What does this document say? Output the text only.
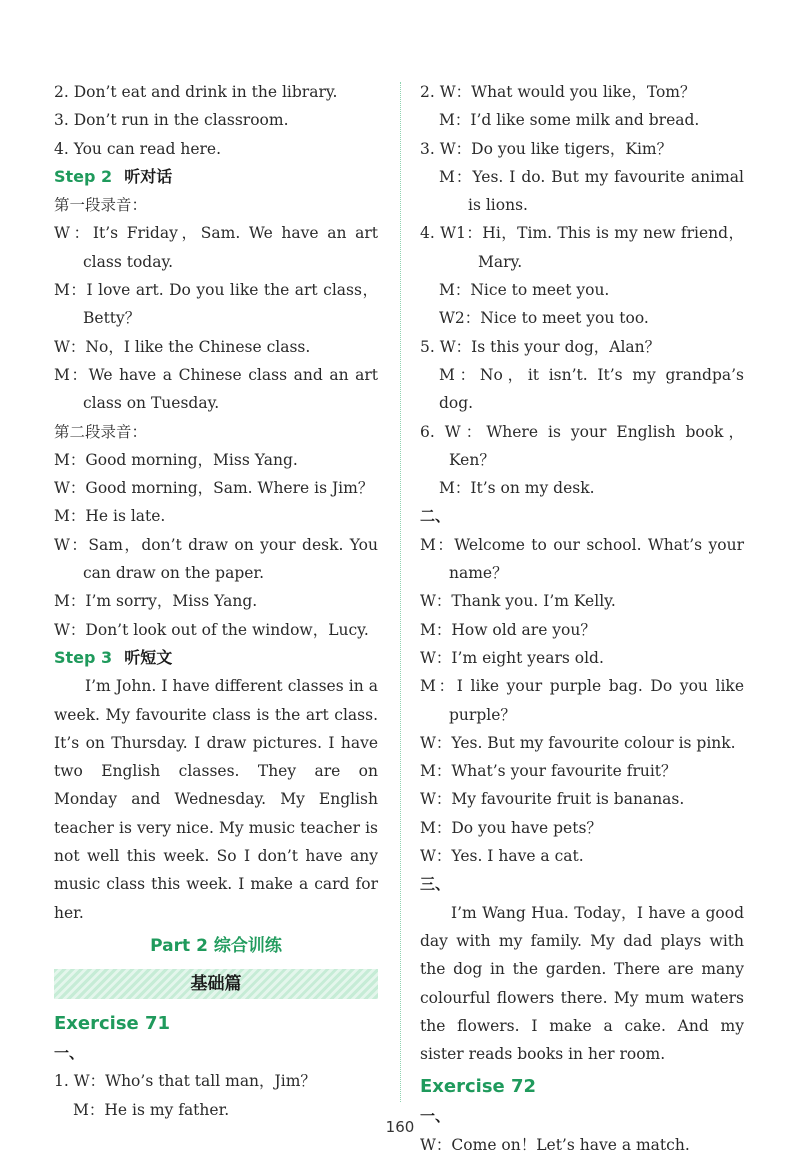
2. Don’t eat and drink in the library.

3. Don’t run in the classroom.

4. You can read here.

Step 2 听对话

第一段录音：

W：It’s Friday，Sam. We have an art class today.

M：I love art. Do you like the art class，Betty？

W：No，I like the Chinese class.

M：We have a Chinese class and an art class on Tuesday.

第二段录音：

M：Good morning，Miss Yang.

W：Good morning，Sam. Where is Jim？

M：He is late.

W：Sam，don’t draw on your desk. You can draw on the paper.

M：I’m sorry，Miss Yang.

W：Don’t look out of the window，Lucy.

Step 3 听短文

I’m John. I have different classes in a week. My favourite class is the art class. It’s on Thursday. I draw pictures. I have two English classes. They are on Monday and Wednesday. My English teacher is very nice. My music teacher is not well this week. So I don’t have any music class this week. I make a card for her.

Part 2 综合训练

基础篇

Exercise 71

一、

1. W：Who’s that tall man，Jim？

M：He is my father.

2. W：What would you like，Tom？

M：I’d like some milk and bread.

3. W：Do you like tigers，Kim？

M：Yes. I do. But my favourite animal is lions.

4. W1：Hi，Tim. This is my new friend，Mary.

M：Nice to meet you.

W2：Nice to meet you too.

5. W：Is this your dog，Alan？

M：No，it isn’t. It’s my grandpa’s dog.

6. W：Where is your English book，Ken？

M：It’s on my desk.

二、

M：Welcome to our school. What’s your name？

W：Thank you. I’m Kelly.

M：How old are you？

W：I’m eight years old.

M：I like your purple bag. Do you like purple？

W：Yes. But my favourite colour is pink.

M：What’s your favourite fruit？

W：My favourite fruit is bananas.

M：Do you have pets？

W：Yes. I have a cat.

三、

I’m Wang Hua. Today，I have a good day with my family. My dad plays with the dog in the garden. There are many colourful flowers there. My mum waters the flowers. I make a cake. And my sister reads books in her room.

Exercise 72

一、

W：Come on！Let’s have a match.

160
